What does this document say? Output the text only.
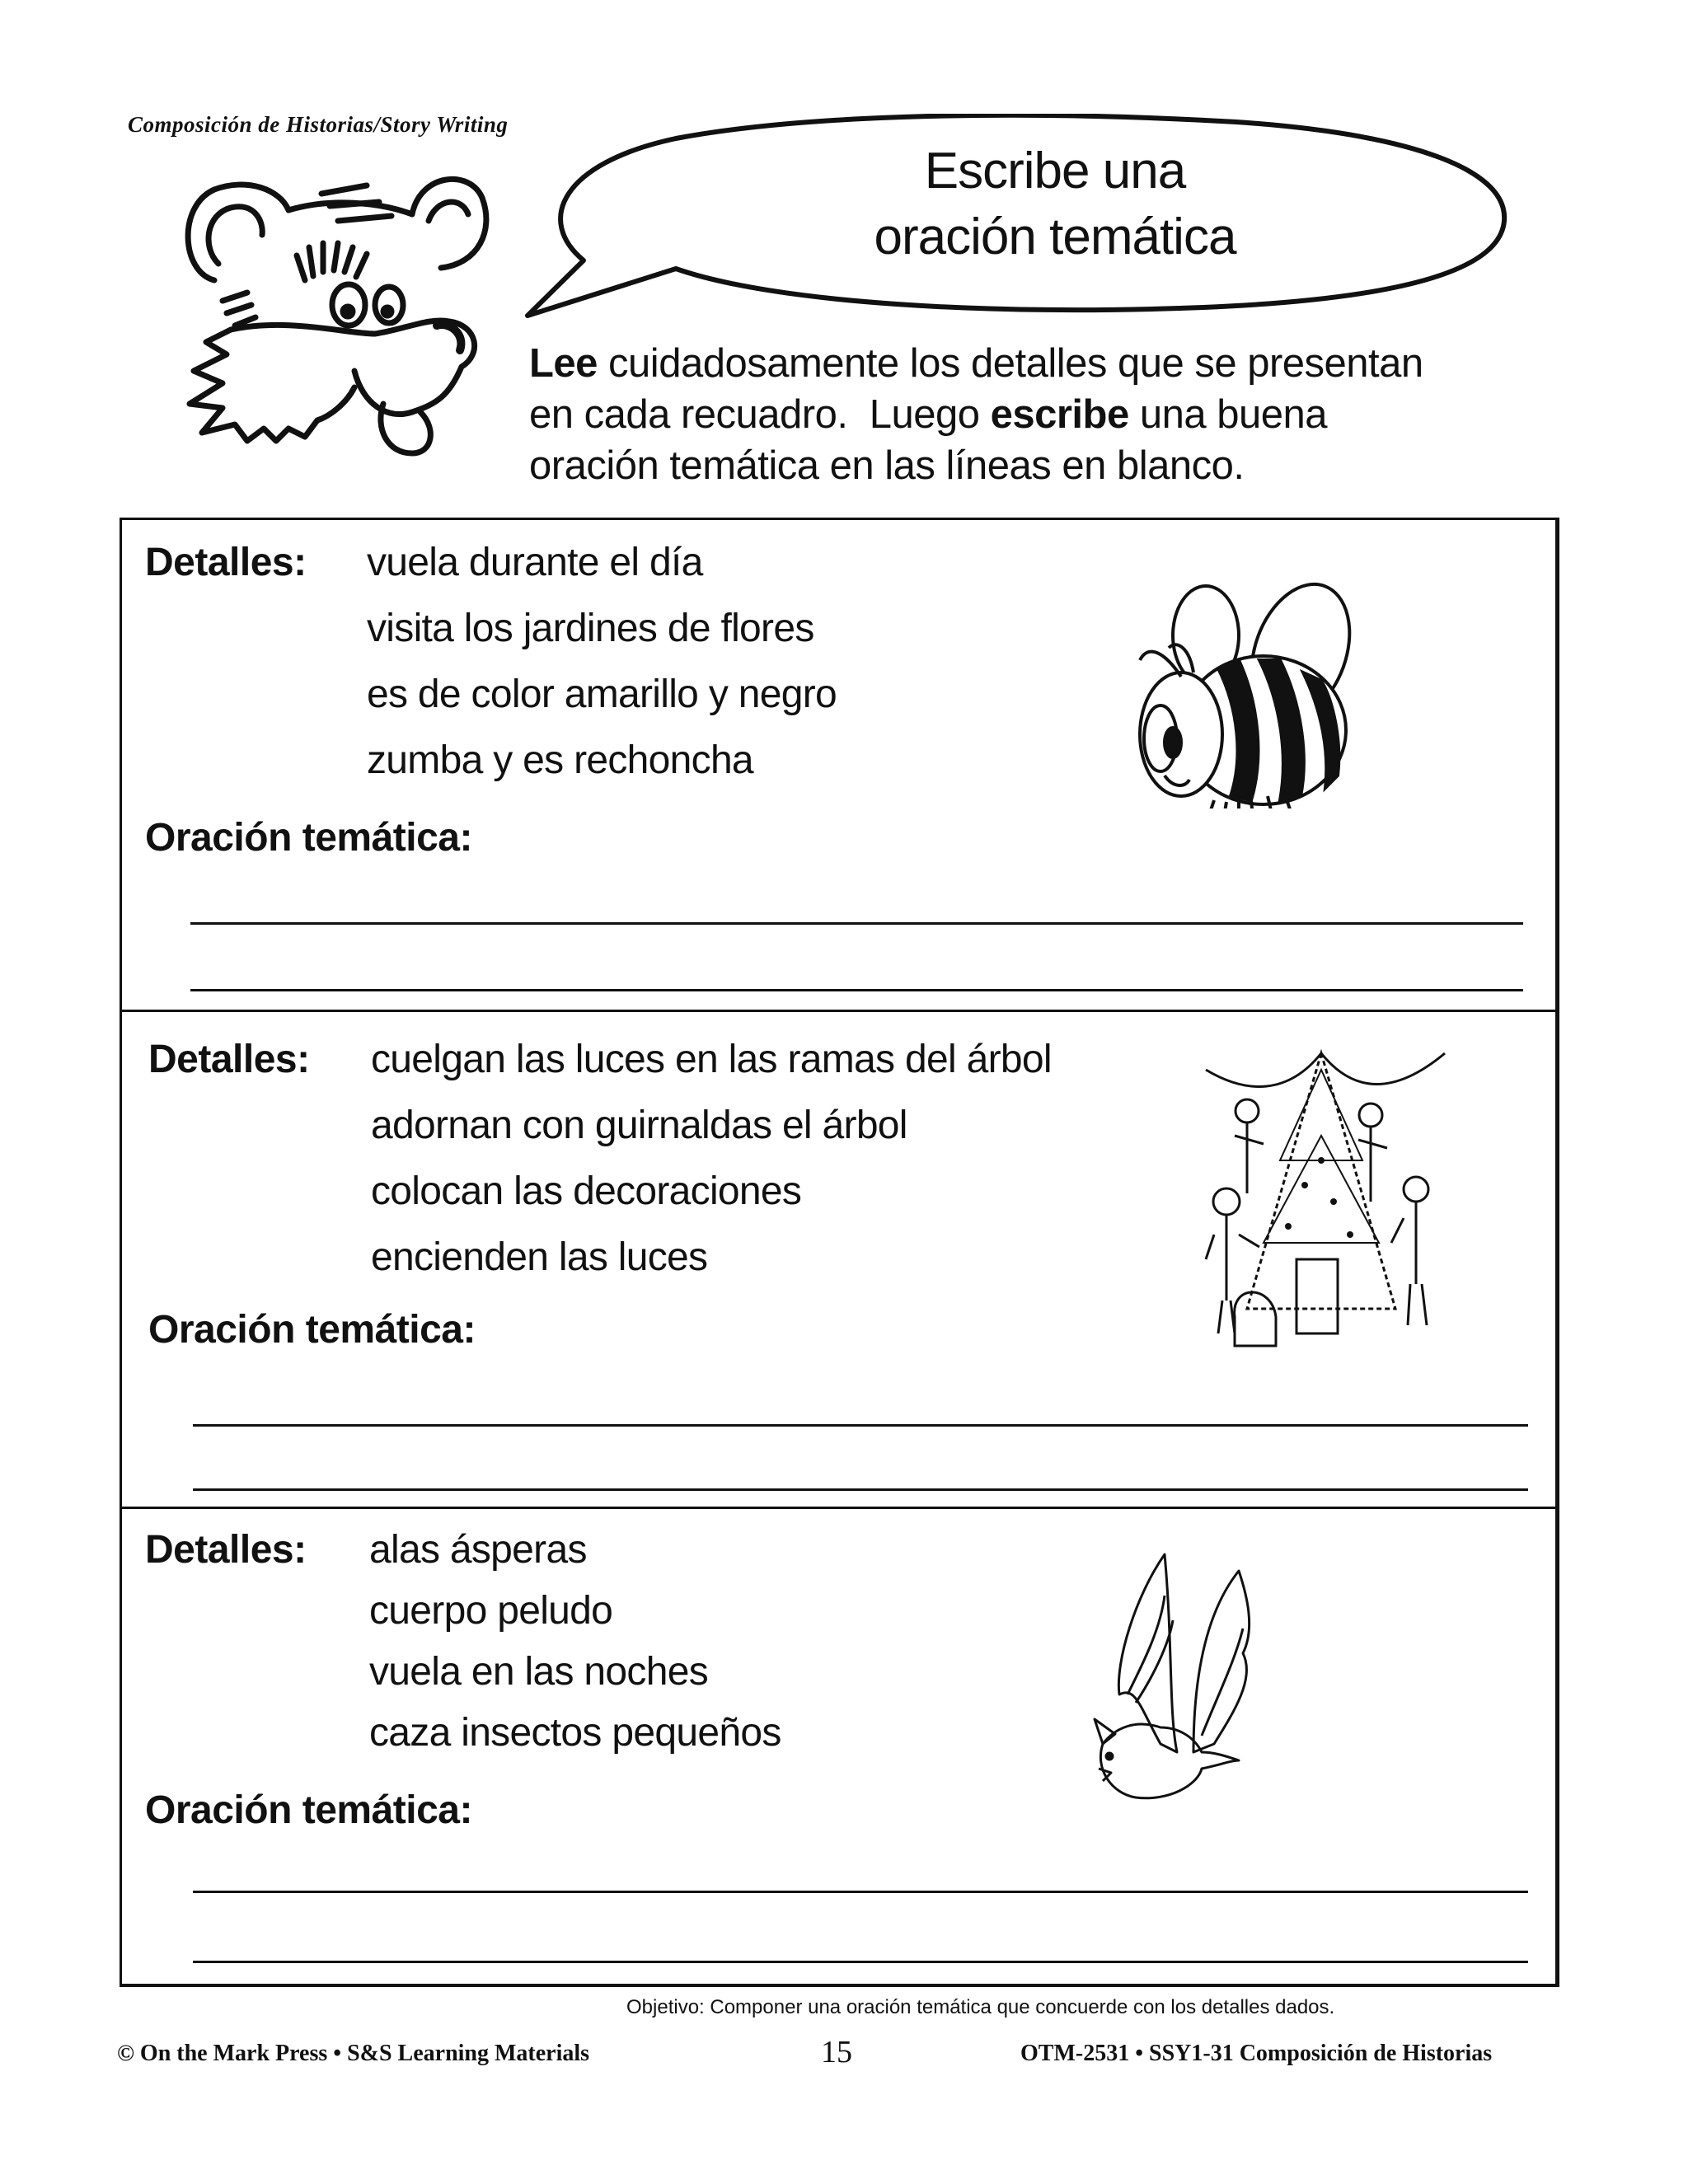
Composición de Historias/Story Writing
Escribe una
oración temática
Lee cuidadosamente los detalles que se presentan
en cada recuadro.  Luego escribe una buena
oración temática en las líneas en blanco.
Detalles: vuela durante el día
visita los jardines de flores
es de color amarillo y negro
zumba y es rechoncha
Oración temática:
Detalles: cuelgan las luces en las ramas del árbol
adornan con guirnaldas el árbol
colocan las decoraciones
encienden las luces
Oración temática:
Detalles: alas ásperas
cuerpo peludo
vuela en las noches
caza insectos pequeños
Oración temática:
Objetivo: Componer una oración temática que concuerde con los detalles dados.
© On the Mark Press • S&S Learning Materials	15	OTM-2531 • SSY1-31 Composición de Historias
